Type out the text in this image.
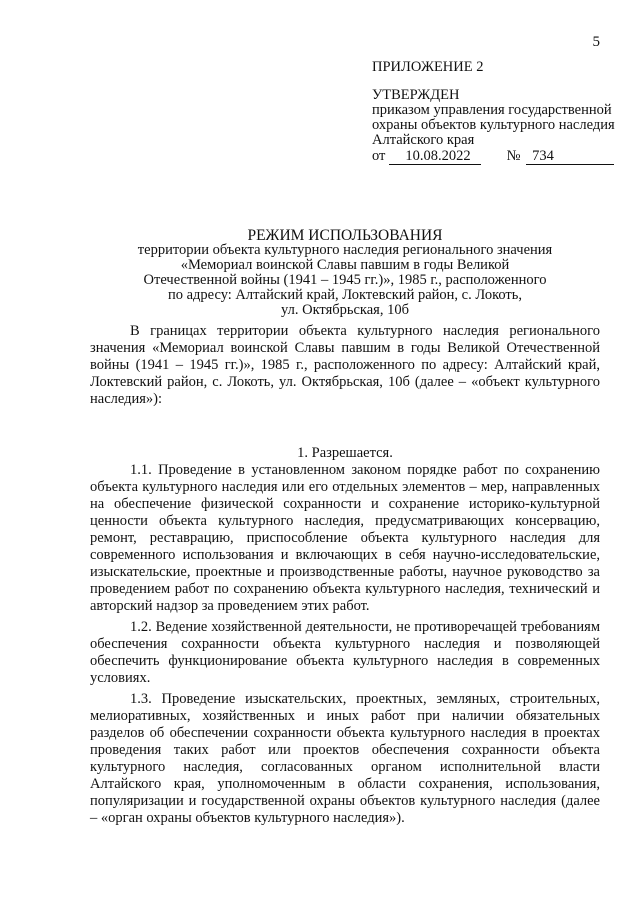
5
ПРИЛОЖЕНИЕ 2
УТВЕРЖДЕН
приказом управления государственной охраны объектов культурного наследия Алтайского края
от 10.08.2022 № 734
РЕЖИМ ИСПОЛЬЗОВАНИЯ
территории объекта культурного наследия регионального значения
«Мемориал воинской Славы павшим в годы Великой
Отечественной войны (1941 – 1945 гг.)», 1985 г., расположенного
по адресу: Алтайский край, Локтевский район, с. Локоть,
ул. Октябрьская, 10б

В границах территории объекта культурного наследия регионального значения «Мемориал воинской Славы павшим в годы Великой Отечественной войны (1941 – 1945 гг.)», 1985 г., расположенного по адресу: Алтайский край, Локтевский район, с. Локоть, ул. Октябрьская, 10б (далее – «объект культурного наследия»):

1. Разрешается.

1.1. Проведение в установленном законом порядке работ по сохранению объекта культурного наследия или его отдельных элементов – мер, направленных на обеспечение физической сохранности и сохранение историко-культурной ценности объекта культурного наследия, предусматривающих консервацию, ремонт, реставрацию, приспособление объекта культурного наследия для современного использования и включающих в себя научно-исследовательские, изыскательские, проектные и производственные работы, научное руководство за проведением работ по сохранению объекта культурного наследия, технический и авторский надзор за проведением этих работ.

1.2. Ведение хозяйственной деятельности, не противоречащей требованиям обеспечения сохранности объекта культурного наследия и позволяющей обеспечить функционирование объекта культурного наследия в современных условиях.

1.3. Проведение изыскательских, проектных, земляных, строительных, мелиоративных, хозяйственных и иных работ при наличии обязательных разделов об обеспечении сохранности объекта культурного наследия в проектах проведения таких работ или проектов обеспечения сохранности объекта культурного наследия, согласованных органом исполнительной власти Алтайского края, уполномоченным в области сохранения, использования, популяризации и государственной охраны объектов культурного наследия (далее – «орган охраны объектов культурного наследия»).
